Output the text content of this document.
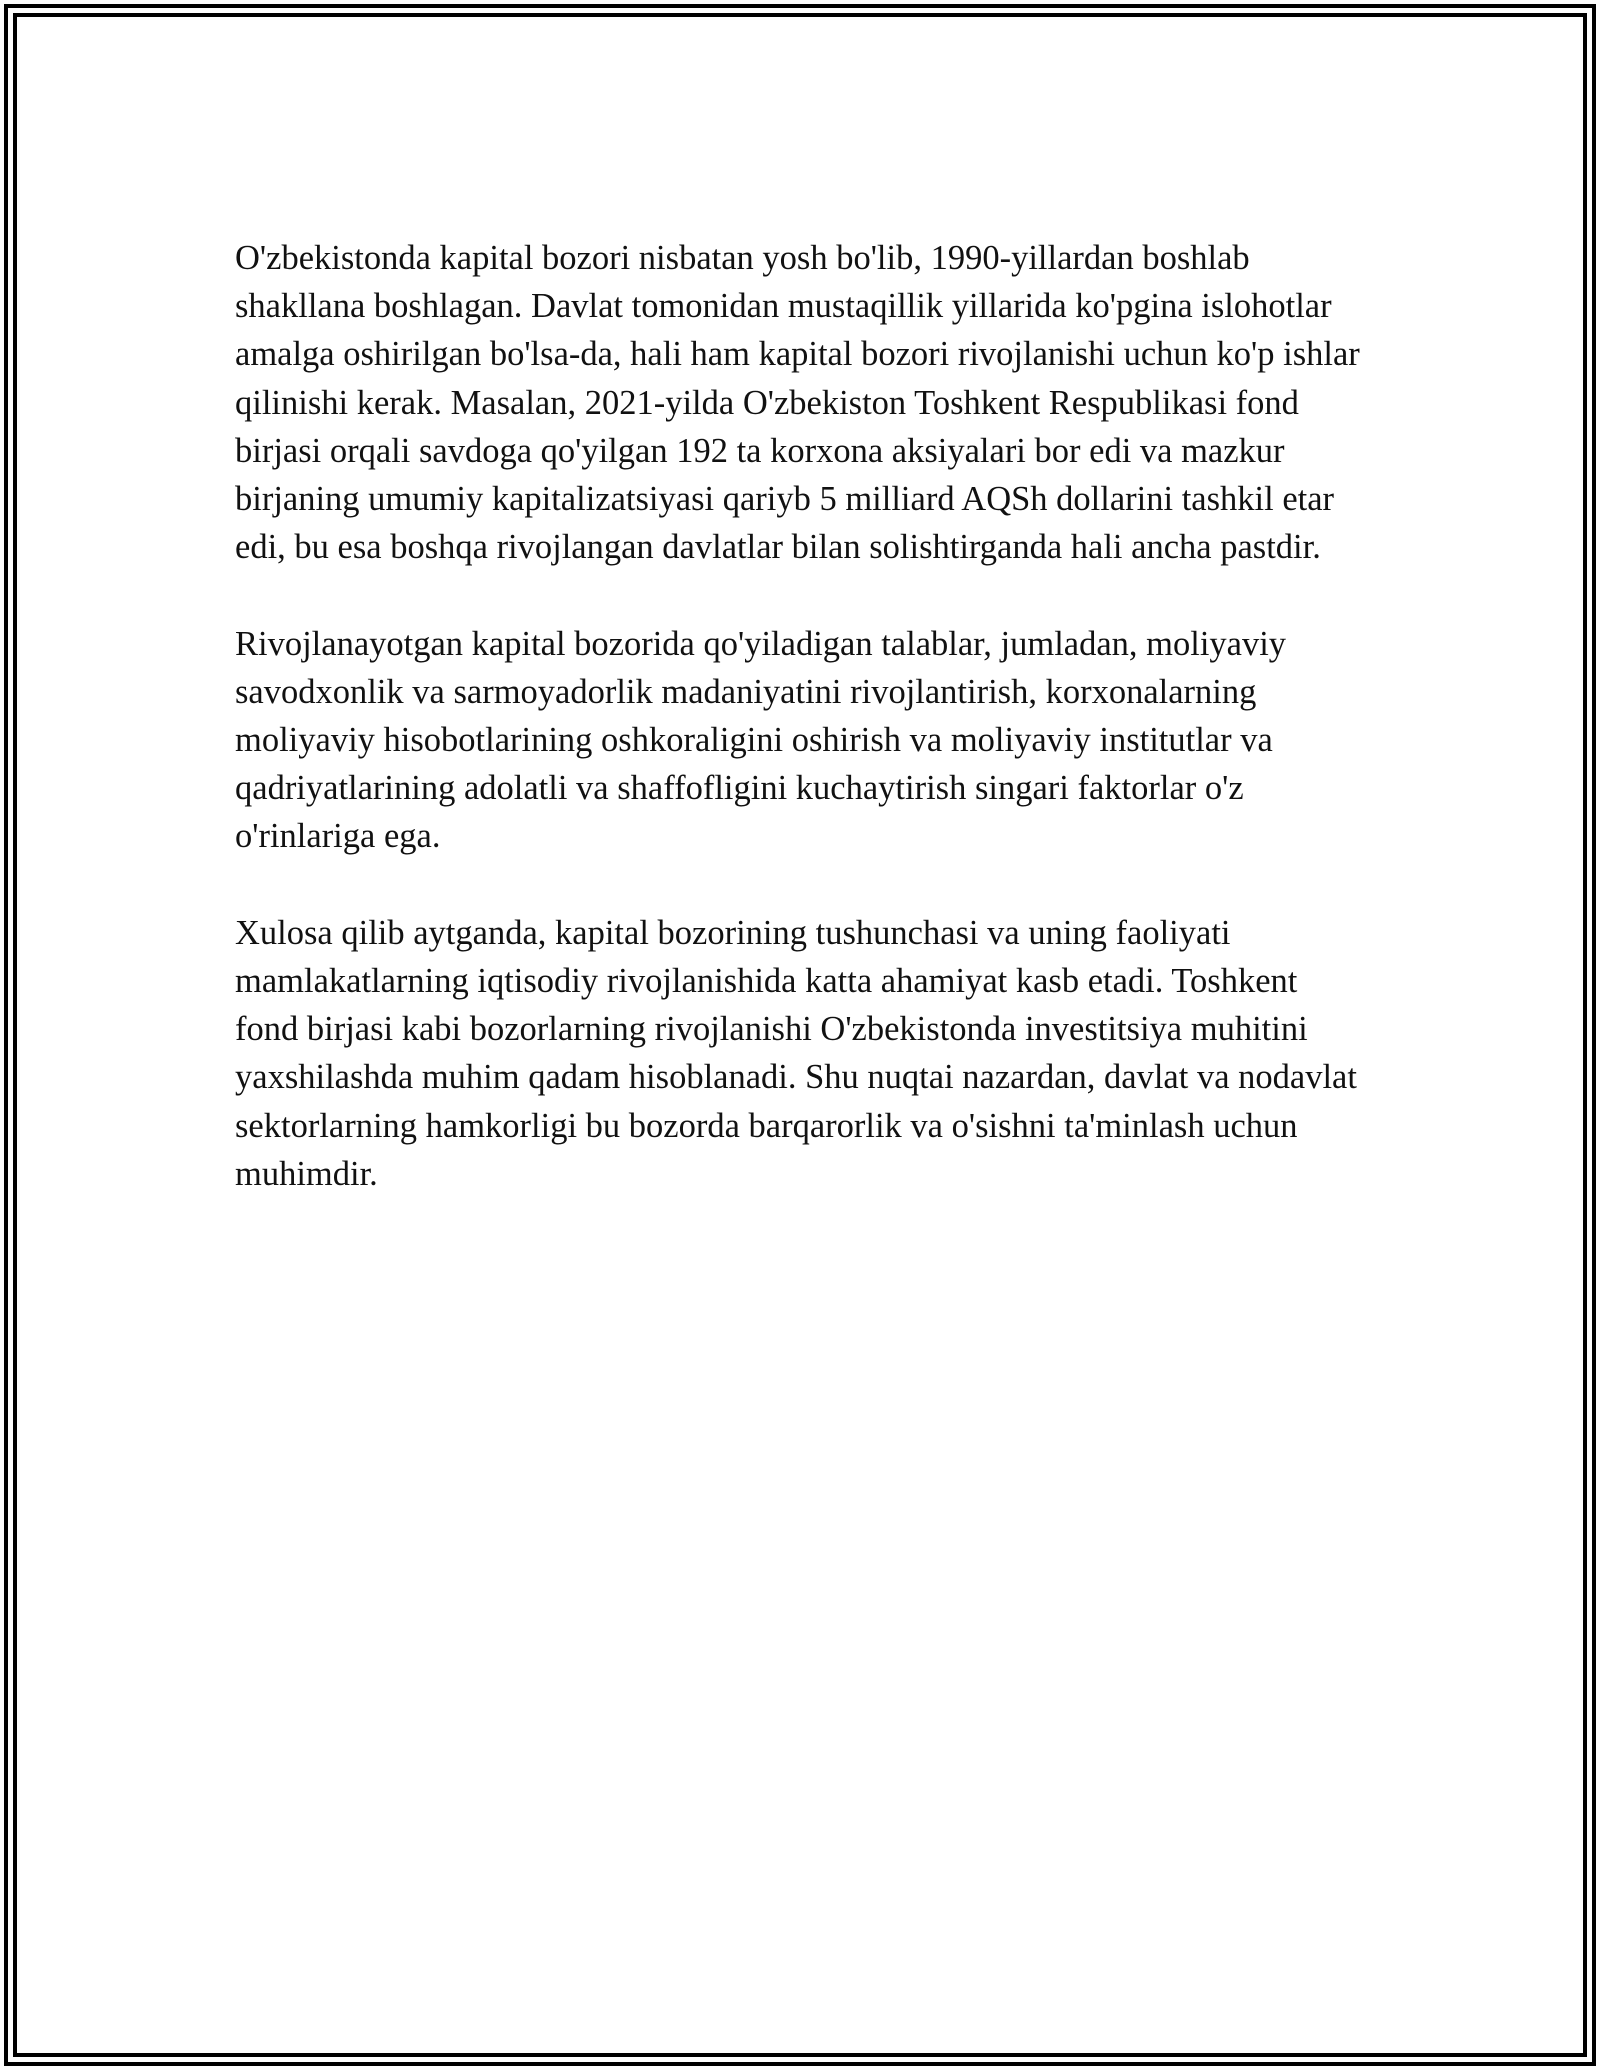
O'zbekistonda kapital bozori nisbatan yosh bo'lib, 1990-yillardan boshlab shakllana boshlagan. Davlat tomonidan mustaqillik yillarida ko'pgina islohotlar amalga oshirilgan bo'lsa-da, hali ham kapital bozori rivojlanishi uchun ko'p ishlar qilinishi kerak. Masalan, 2021-yilda O'zbekiston Toshkent Respublikasi fond birjasi orqali savdoga qo'yilgan 192 ta korxona aksiyalari bor edi va mazkur birjaning umumiy kapitalizatsiyasi qariyb 5 milliard AQSh dollarini tashkil etar edi, bu esa boshqa rivojlangan davlatlar bilan solishtirganda hali ancha pastdir.

Rivojlanayotgan kapital bozorida qo'yiladigan talablar, jumladan, moliyaviy savodxonlik va sarmoyadorlik madaniyatini rivojlantirish, korxonalarning moliyaviy hisobotlarining oshkoraligini oshirish va moliyaviy institutlar va qadriyatlarining adolatli va shaffofligini kuchaytirish singari faktorlar o'z o'rinlariga ega.

Xulosa qilib aytganda, kapital bozorining tushunchasi va uning faoliyati mamlakatlarning iqtisodiy rivojlanishida katta ahamiyat kasb etadi. Toshkent fond birjasi kabi bozorlarning rivojlanishi O'zbekistonda investitsiya muhitini yaxshilashda muhim qadam hisoblanadi. Shu nuqtai nazardan, davlat va nodavlat sektorlarning hamkorligi bu bozorda barqarorlik va o'sishni ta'minlash uchun muhimdir.
